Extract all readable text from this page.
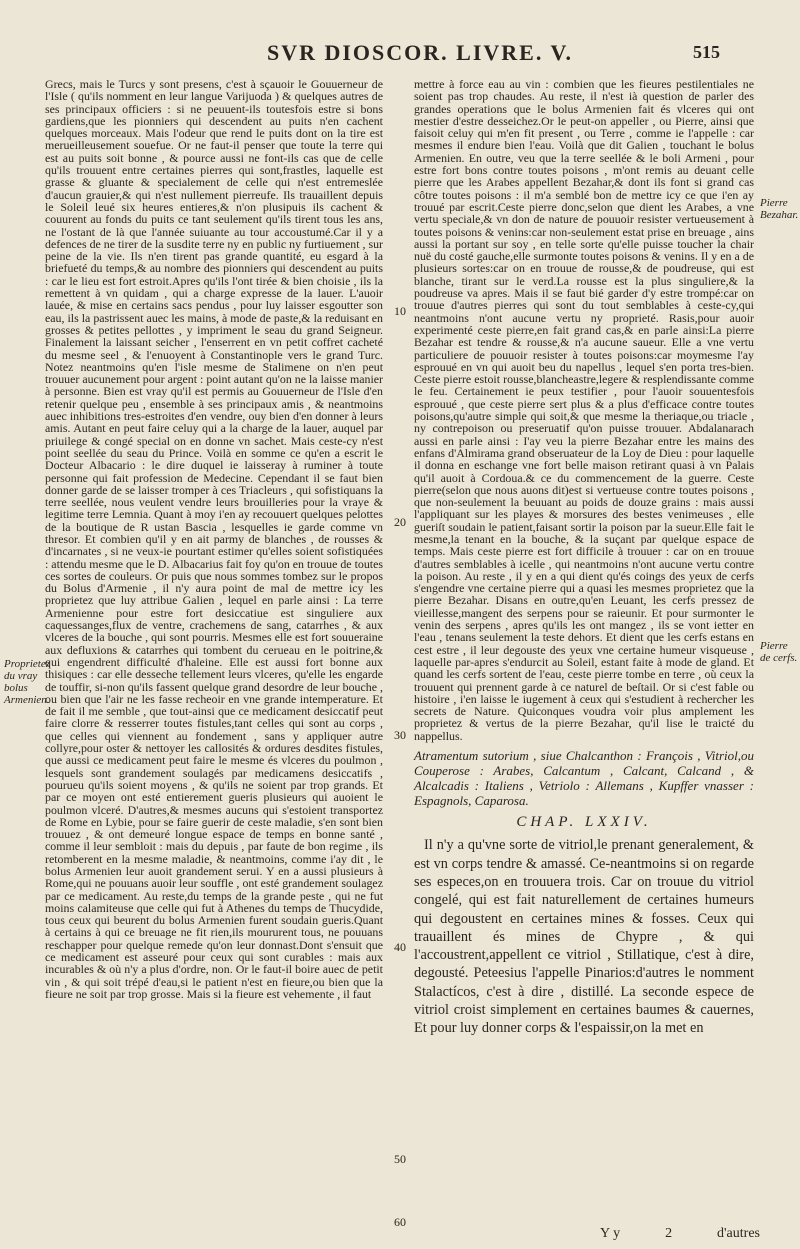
SVR DIOSCOR. LIVRE. V.	515

Grecs, mais le Turcs y sont presens, c'est à sçauoir le Gouuerneur de l'Isle ( qu'ils nomment en leur langue Varijuoda ) & quelques autres de ses principaux officiers : si ne peuuent-ils toutesfois estre si bons gardiens,que les pionniers qui descendent au puits n'en cachent quelques morceaux. Mais l'odeur que rend le puits dont on la tire est merueilleusement souefue. Or ne faut-il penser que toute la terre qui est au puits soit bonne , & pource aussi ne font-ils cas que de celle qu'ils trouuent entre certaines pierres qui sont,frastles, laquelle est grasse & gluante & specialement de celle qui n'est entremeslée d'aucun grauier,& qui n'est nullement pierreufe. Ils trauaillent depuis le Soleil leué six heures entieres,& n'on plusipuis ils cachent & couurent au fonds du puits ce tant seulement qu'ils tirent tous les ans, ne l'ostant de là que l'année suiuante au tour accoustumé.Car il y a defences de ne tirer de la susdite terre ny en public ny furtiuement , sur peine de la vie. Ils n'en tirent pas grande quantité, eu esgard à la briefueté du temps,& au nombre des pionniers qui descendent au puits : car le lieu est fort estroit.Apres qu'ils l'ont tirée & bien choisie , ils la remettent à vn quidam , qui a charge expresse de la lauer. L'auoir lauée, & mise en certains sacs pendus , pour luy laisser esgoutter son eau, ils la pastrissent auec les mains, à mode de paste,& la reduisant en grosses & petites pellottes , y impriment le seau du grand Seigneur. Finalement la laissant seicher , l'enserrent en vn petit coffret cacheté du mesme seel , & l'enuoyent à Constantinople vers le grand Turc. Notez neantmoins qu'en l'isle mesme de Stalimene on n'en peut trouuer aucunement pour argent : point autant qu'on ne la laisse manier à personne. Bien est vray qu'il est permis au Gouuerneur de l'Isle d'en retenir quelque peu , ensemble à ses principaux amis , & neantmoins auec inhibitions tres-estroites d'en vendre, ouy bien d'en donner à leurs amis. Autant en peut faire celuy qui a la charge de la lauer, auquel par priuilege & congé special on en donne vn sachet. Mais ceste-cy n'est point seellée du seau du Prince. Voilà en somme ce qu'en a escrit le Docteur Albacario : le dire duquel ie laisseray à ruminer à toute personne qui fait profession de Medecine. Cependant il se faut bien donner garde de se laisser tromper à ces Triacleurs , qui sofistiquans la terre seellée, nous veulent vendre leurs brouilleries pour la vraye & legitime terre Lemnia. Quant à moy i'en ay recouuert quelques pelottes de la boutique de R ustan Bascia , lesquelles ie garde comme vn thresor. Et combien qu'il y en ait parmy de blanches , de rousses & d'incarnates , si ne veux-ie pourtant estimer qu'elles soient sofistiquées : attendu mesme que le D. Albacarius fait foy qu'on en trouue de toutes ces sortes de couleurs. Or puis que nous sommes tombez sur le propos du Bolus d'Armenie , il n'y aura point de mal de mettre icy les proprietez que luy attribue Galien , lequel en parle ainsi : La terre Armenienne pour estre fort desiccatiue est singuliere aux caquessanges,flux de ventre, crachemens de sang, catarrhes , & aux vlceres de la bouche , qui sont pourris. Mesmes elle est fort souueraine aux defluxions & catarrhes qui tombent du cerueau en le poitrine,& qui engendrent difficulté d'haleine. Elle est aussi fort bonne aux thisiques : car elle desseche tellement leurs vlceres, qu'elle les engarde de touffir, si-non qu'ils fassent quelque grand desordre de leur bouche , ou bien que l'air ne les fasse recheoir en vne grande intemperature. Et de fait il me semble , que tout-ainsi que ce medicament desiccatif peut faire clorre & resserrer toutes fistules,tant celles qui sont au corps , que celles qui viennent au fondement , sans y appliquer autre collyre,pour oster & nettoyer les callosités & ordures desdites fistules, que aussi ce medicament peut faire le mesme és vlceres du poulmon , lesquels sont grandement soulagés par medicamens desiccatifs , pourueu qu'ils soient moyens , & qu'ils ne soient par trop grands. Et par ce moyen ont esté entierement gueris plusieurs qui auoient le poulmon vlceré. D'autres,& mesmes aucuns qui s'estoient transportez de Rome en Lybie, pour se faire guerir de ceste maladie, s'en sont bien trouuez , & ont demeuré longue espace de temps en bonne santé , comme il leur sembloit : mais du depuis , par faute de bon regime , ils retomberent en la mesme maladie, & neantmoins, comme i'ay dit , le bolus Armenien leur auoit grandement serui. Y en a aussi plusieurs à Rome,qui ne pouuans auoir leur souffle , ont esté grandement soulagez par ce medicament. Au reste,du temps de la grande peste , qui ne fut moins calamiteuse que celle qui fut à Athenes du temps de Thucydide, tous ceux qui beurent du bolus Armenien furent soudain gueris.Quant à certains à qui ce breuage ne fit rien,ils moururent tous, ne pouuans reschapper pour quelque remede qu'on leur donnast.Dont s'ensuit que ce medicament est asseuré pour ceux qui sont curables : mais aux incurables & où n'y a plus d'ordre, non. Or le faut-il boire auec de petit vin , & qui soit trépé d'eau,si le patient n'est en fieure,ou bien que la fieure ne soit par trop grosse. Mais si la fieure est vehemente , il faut

10
20
30
40
50
60

mettre à force eau au vin : combien que les fieures pestilentiales ne soient pas trop chaudes. Au reste, il n'est ià question de parler des grandes operations que le bolus Armenien fait és vlceres qui ont mestier d'estre desseichez.Or le peut-on appeller , ou Pierre, ainsi que faisoit celuy qui m'en fit present , ou Terre , comme ie l'appelle : car mesmes il endure bien l'eau. Voilà que dit Galien , touchant le bolus Armenien. En outre, veu que la terre seellée & le boli Armeni , pour estre fort bons contre toutes poisons , m'ont remis au deuant celle pierre que les Arabes appellent Bezahar,& dont ils font si grand cas côtre toutes poisons : il m'a semblé bon de mettre icy ce que i'en ay trouué par escrit.Ceste pierre donc,selon que dient les Arabes, a vne vertu speciale,& vn don de nature de pouuoir resister vertueusement à toutes poisons & venins:car non-seulement estat prise en breuage , ains aussi la portant sur soy , en telle sorte qu'elle puisse toucher la chair nuë du costé gauche,elle surmonte toutes poisons & venins. Il y en a de plusieurs sortes:car on en trouue de rousse,& de poudreuse, qui est blanche, tirant sur le verd.La rousse est la plus singuliere,& la poudreuse va apres. Mais il se faut bié garder d'y estre trompé:car on trouue d'autres pierres qui sont du tout semblables à ceste-cy,qui neantmoins n'ont aucune vertu ny proprieté. Rasis,pour auoir experimenté ceste pierre,en fait grand cas,& en parle ainsi:La pierre Bezahar est tendre & rousse,& n'a aucune saueur. Elle a vne vertu particuliere de pouuoir resister à toutes poisons:car moymesme l'ay esprouué en vn qui auoit beu du napellus , lequel s'en porta tres-bien. Ceste pierre estoit rousse,blancheastre,legere & resplendissante comme le feu. Certainement ie peux testifier , pour l'auoir souuentesfois esprouué , que ceste pierre sert plus & a plus d'efficace contre toutes poisons,qu'autre simple qui soit,& que mesme la theriaque,ou triacle , ny contrepoison ou preseruatif qu'on puisse trouuer. Abdalanarach aussi en parle ainsi : I'ay veu la pierre Bezahar entre les mains des enfans d'Almirama grand obseruateur de la Loy de Dieu : pour laquelle il donna en eschange vne fort belle maison retirant quasi à vn Palais qu'il auoit à Cordoua.& ce du commencement de la guerre. Ceste pierre(selon que nous auons dit)est si vertueuse contre toutes poisons , que non-seulement la beuuant au poids de douze grains : mais aussi l'appliquant sur les playes & morsures des bestes venimeuses , elle gueriſt soudain le patient,faisant sortir la poison par la sueur.Elle fait le mesme,la tenant en la bouche, & la suçant par quelque espace de temps. Mais ceste pierre est fort difficile à trouuer : car on en trouue d'autres semblables à icelle , qui neantmoins n'ont aucune vertu contre la poison. Au reste , il y en a qui dient qu'és coings des yeux de cerfs s'engendre vne certaine pierre qui a quasi les mesmes proprietez que la pierre Bezahar. Disans en outre,qu'en Leuant, les cerfs pressez de vieillesse,mangent des serpens pour se raieunir. Et pour surmonter le venin des serpens , apres qu'ils les ont mangez , ils se vont ietter en l'eau , tenans seulement la teste dehors. Et dient que les cerfs estans en cest estre , il leur degouste des yeux vne certaine humeur visqueuse , laquelle par-apres s'endurcit au Soleil, estant faite à mode de gland. Et quand les cerfs sortent de l'eau, ceste pierre tombe en terre , où ceux la trouuent qui prennent garde à ce naturel de beſtail. Or si c'est fable ou histoire , i'en laisse le iugement à ceux qui s'estudient à rechercher les secrets de Nature. Quiconques voudra voir plus amplement les proprietez & vertus de la pierre Bezahar, qu'il lise le traicté du nappellus.

Atramentum sutorium , siue Chalcanthon : François , Vitriol,ou Couperose : Arabes, Calcantum , Calcant, Calcand , & Alcalcadis : Italiens , Vetriolo : Allemans , Kupffer vnasser : Espagnols, Caparosa.

CHAP. LXXIV.

Il n'y a qu'vne sorte de vitriol,le prenant generalement, & est vn corps tendre & amassé. Ce-neantmoins si on regarde ses especes,on en trouuera trois. Car on trouue du vitriol congelé, qui est fait naturellement de certaines humeurs qui degoustent en certaines mines & fosses. Ceux qui trauaillent és mines de Chypre , & qui l'accoustrent,appellent ce vitriol , Stillatique, c'est à dire, degousté. Peteesius l'appelle Pinarios:d'autres le nomment Stalactícos, c'est à dire , distillé. La seconde espece de vitriol croist simplement en certaines baumes & cauernes, Et pour luy donner corps & l'espaissir,on la met en

Proprietez du vray bolus Armenien.
Pierre Bezahar.
Pierre de cerfs.
Y y	2	d'autres
